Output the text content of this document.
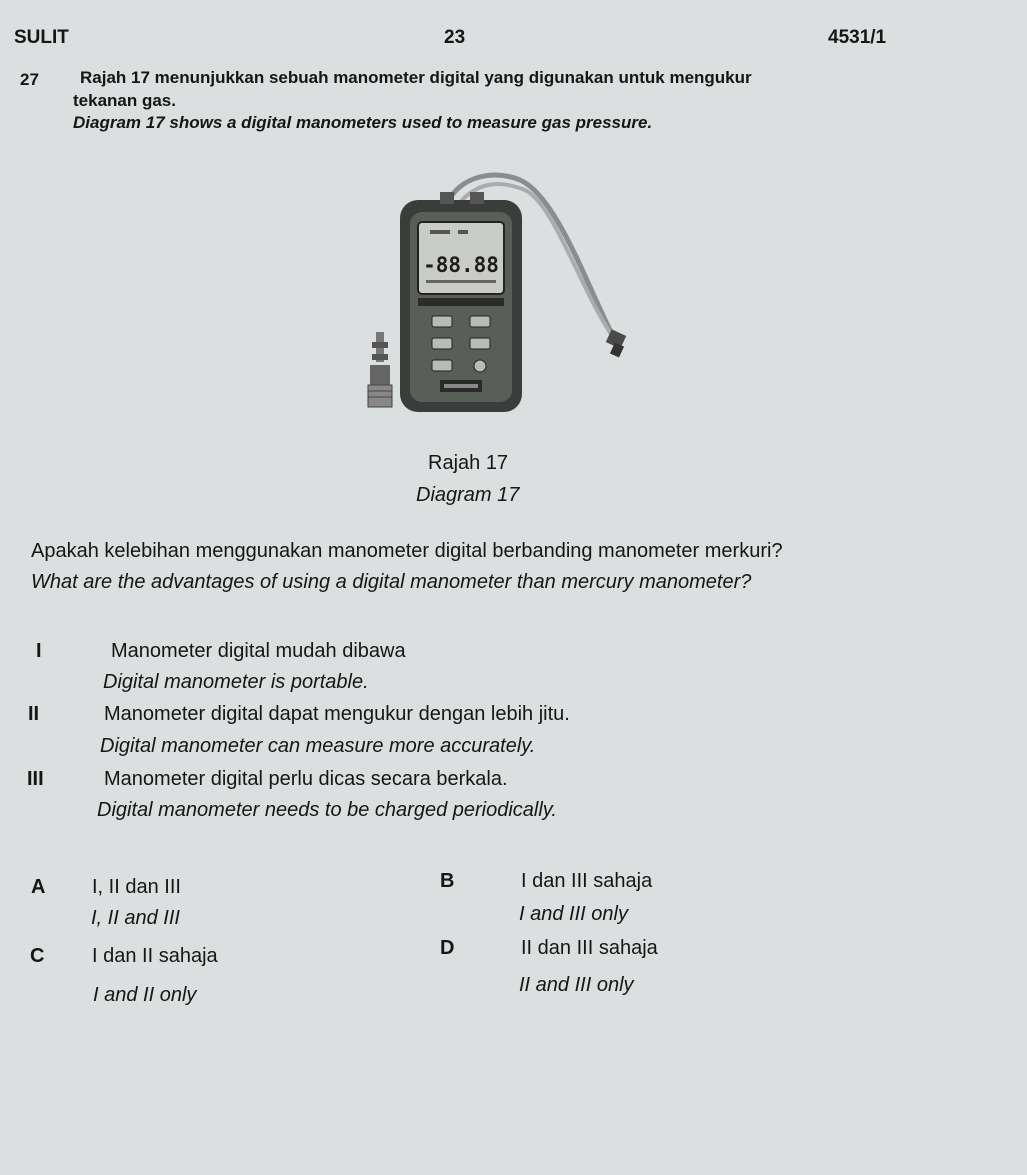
SULIT	23	4531/1
27 Rajah 17 menunjukkan sebuah manometer digital yang digunakan untuk mengukur
tekanan gas.
Diagram 17 shows a digital manometers used to measure gas pressure.
-88.88
Rajah 17
Diagram 17
Apakah kelebihan menggunakan manometer digital berbanding manometer merkuri?
What are the advantages of using a digital manometer than mercury manometer?
I	Manometer digital mudah dibawa
Digital manometer is portable.
II	Manometer digital dapat mengukur dengan lebih jitu.
Digital manometer can measure more accurately.
III	Manometer digital perlu dicas secara berkala.
Digital manometer needs to be charged periodically.
A I, II dan III
I, II and III
B	I dan III sahaja
I and III only
C I dan II sahaja
I and II only
D	II dan III sahaja
II and III only
